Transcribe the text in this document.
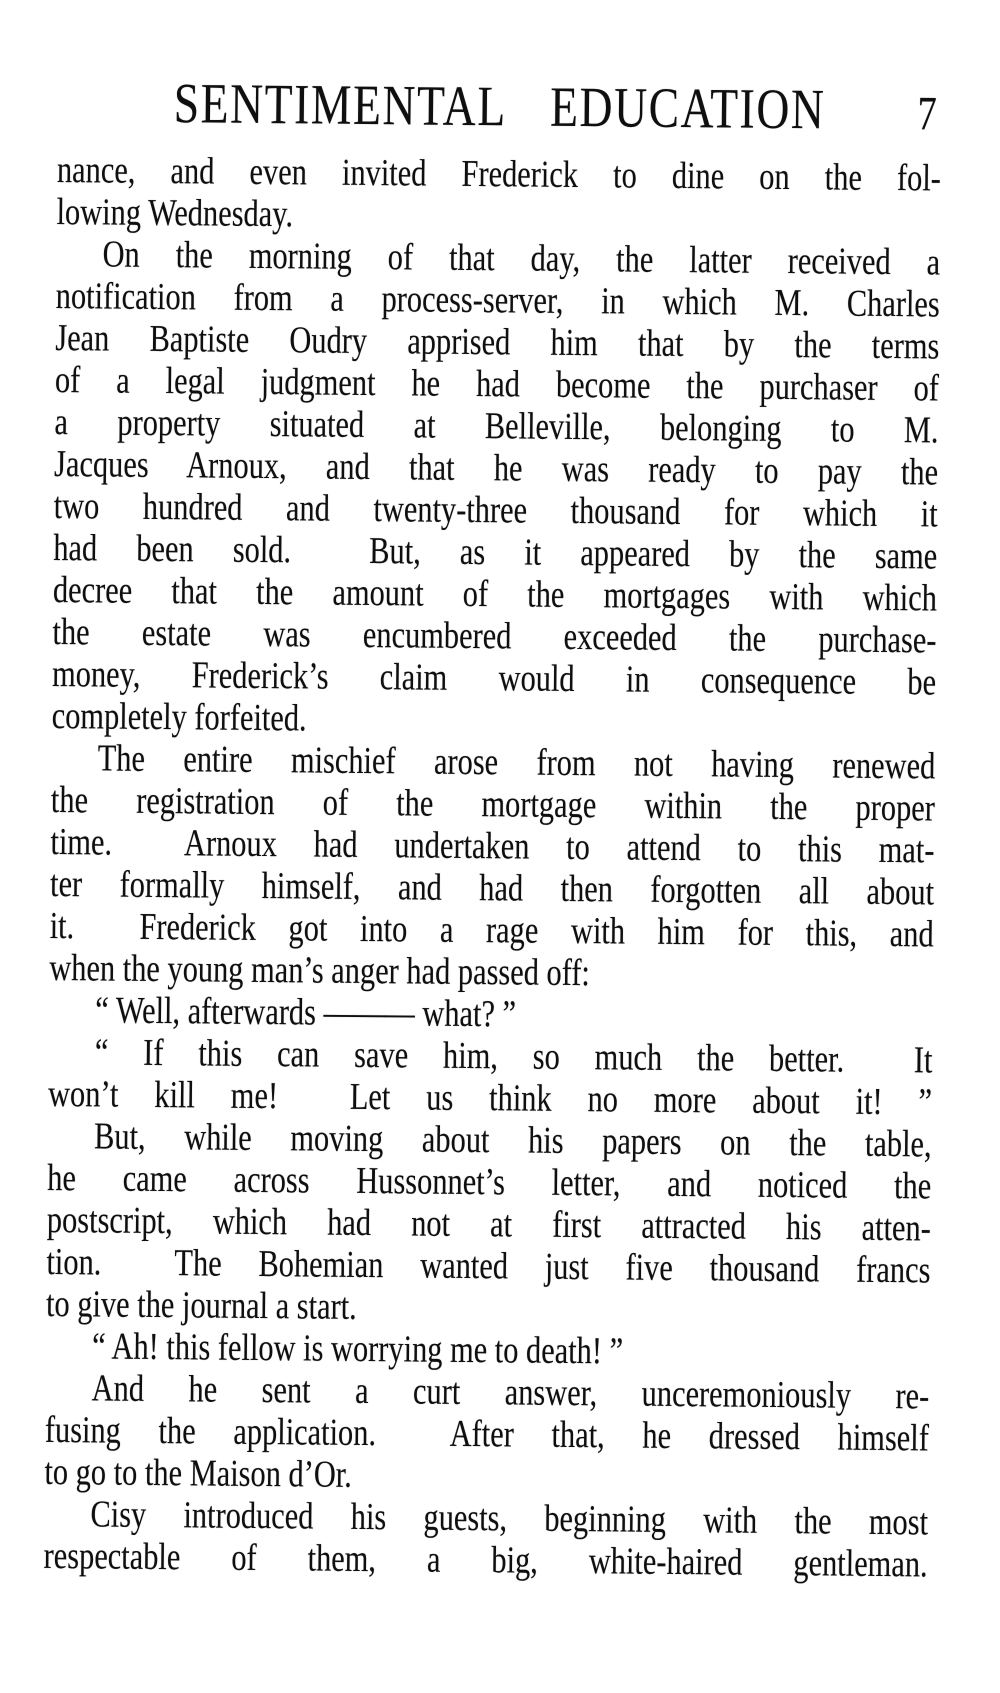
SENTIMENTAL EDUCATION 7

nance, and even invited Frederick to dine on the fol-
lowing Wednesday.

On the morning of that day, the latter received a
notification from a process-server, in which M. Charles
Jean Baptiste Oudry apprised him that by the terms
of a legal judgment he had become the purchaser of
a property situated at Belleville, belonging to M.
Jacques Arnoux, and that he was ready to pay the
two hundred and twenty-three thousand for which it
had been sold.  But, as it appeared by the same
decree that the amount of the mortgages with which
the estate was encumbered exceeded the purchase-
money, Frederick’s claim would in consequence be
completely forfeited.

The entire mischief arose from not having renewed
the registration of the mortgage within the proper
time.  Arnoux had undertaken to attend to this mat-
ter formally himself, and had then forgotten all about
it.  Frederick got into a rage with him for this, and
when the young man’s anger had passed off:

“ Well, afterwards ——— what? ”

“ If this can save him, so much the better.  It
won’t kill me!  Let us think no more about it! ”

But, while moving about his papers on the table,
he came across Hussonnet’s letter, and noticed the
postscript, which had not at first attracted his atten-
tion.  The Bohemian wanted just five thousand francs
to give the journal a start.

“ Ah! this fellow is worrying me to death! ”

And he sent a curt answer, unceremoniously re-
fusing the application.  After that, he dressed himself
to go to the Maison d’Or.

Cisy introduced his guests, beginning with the most
respectable of them, a big, white-haired gentleman.
